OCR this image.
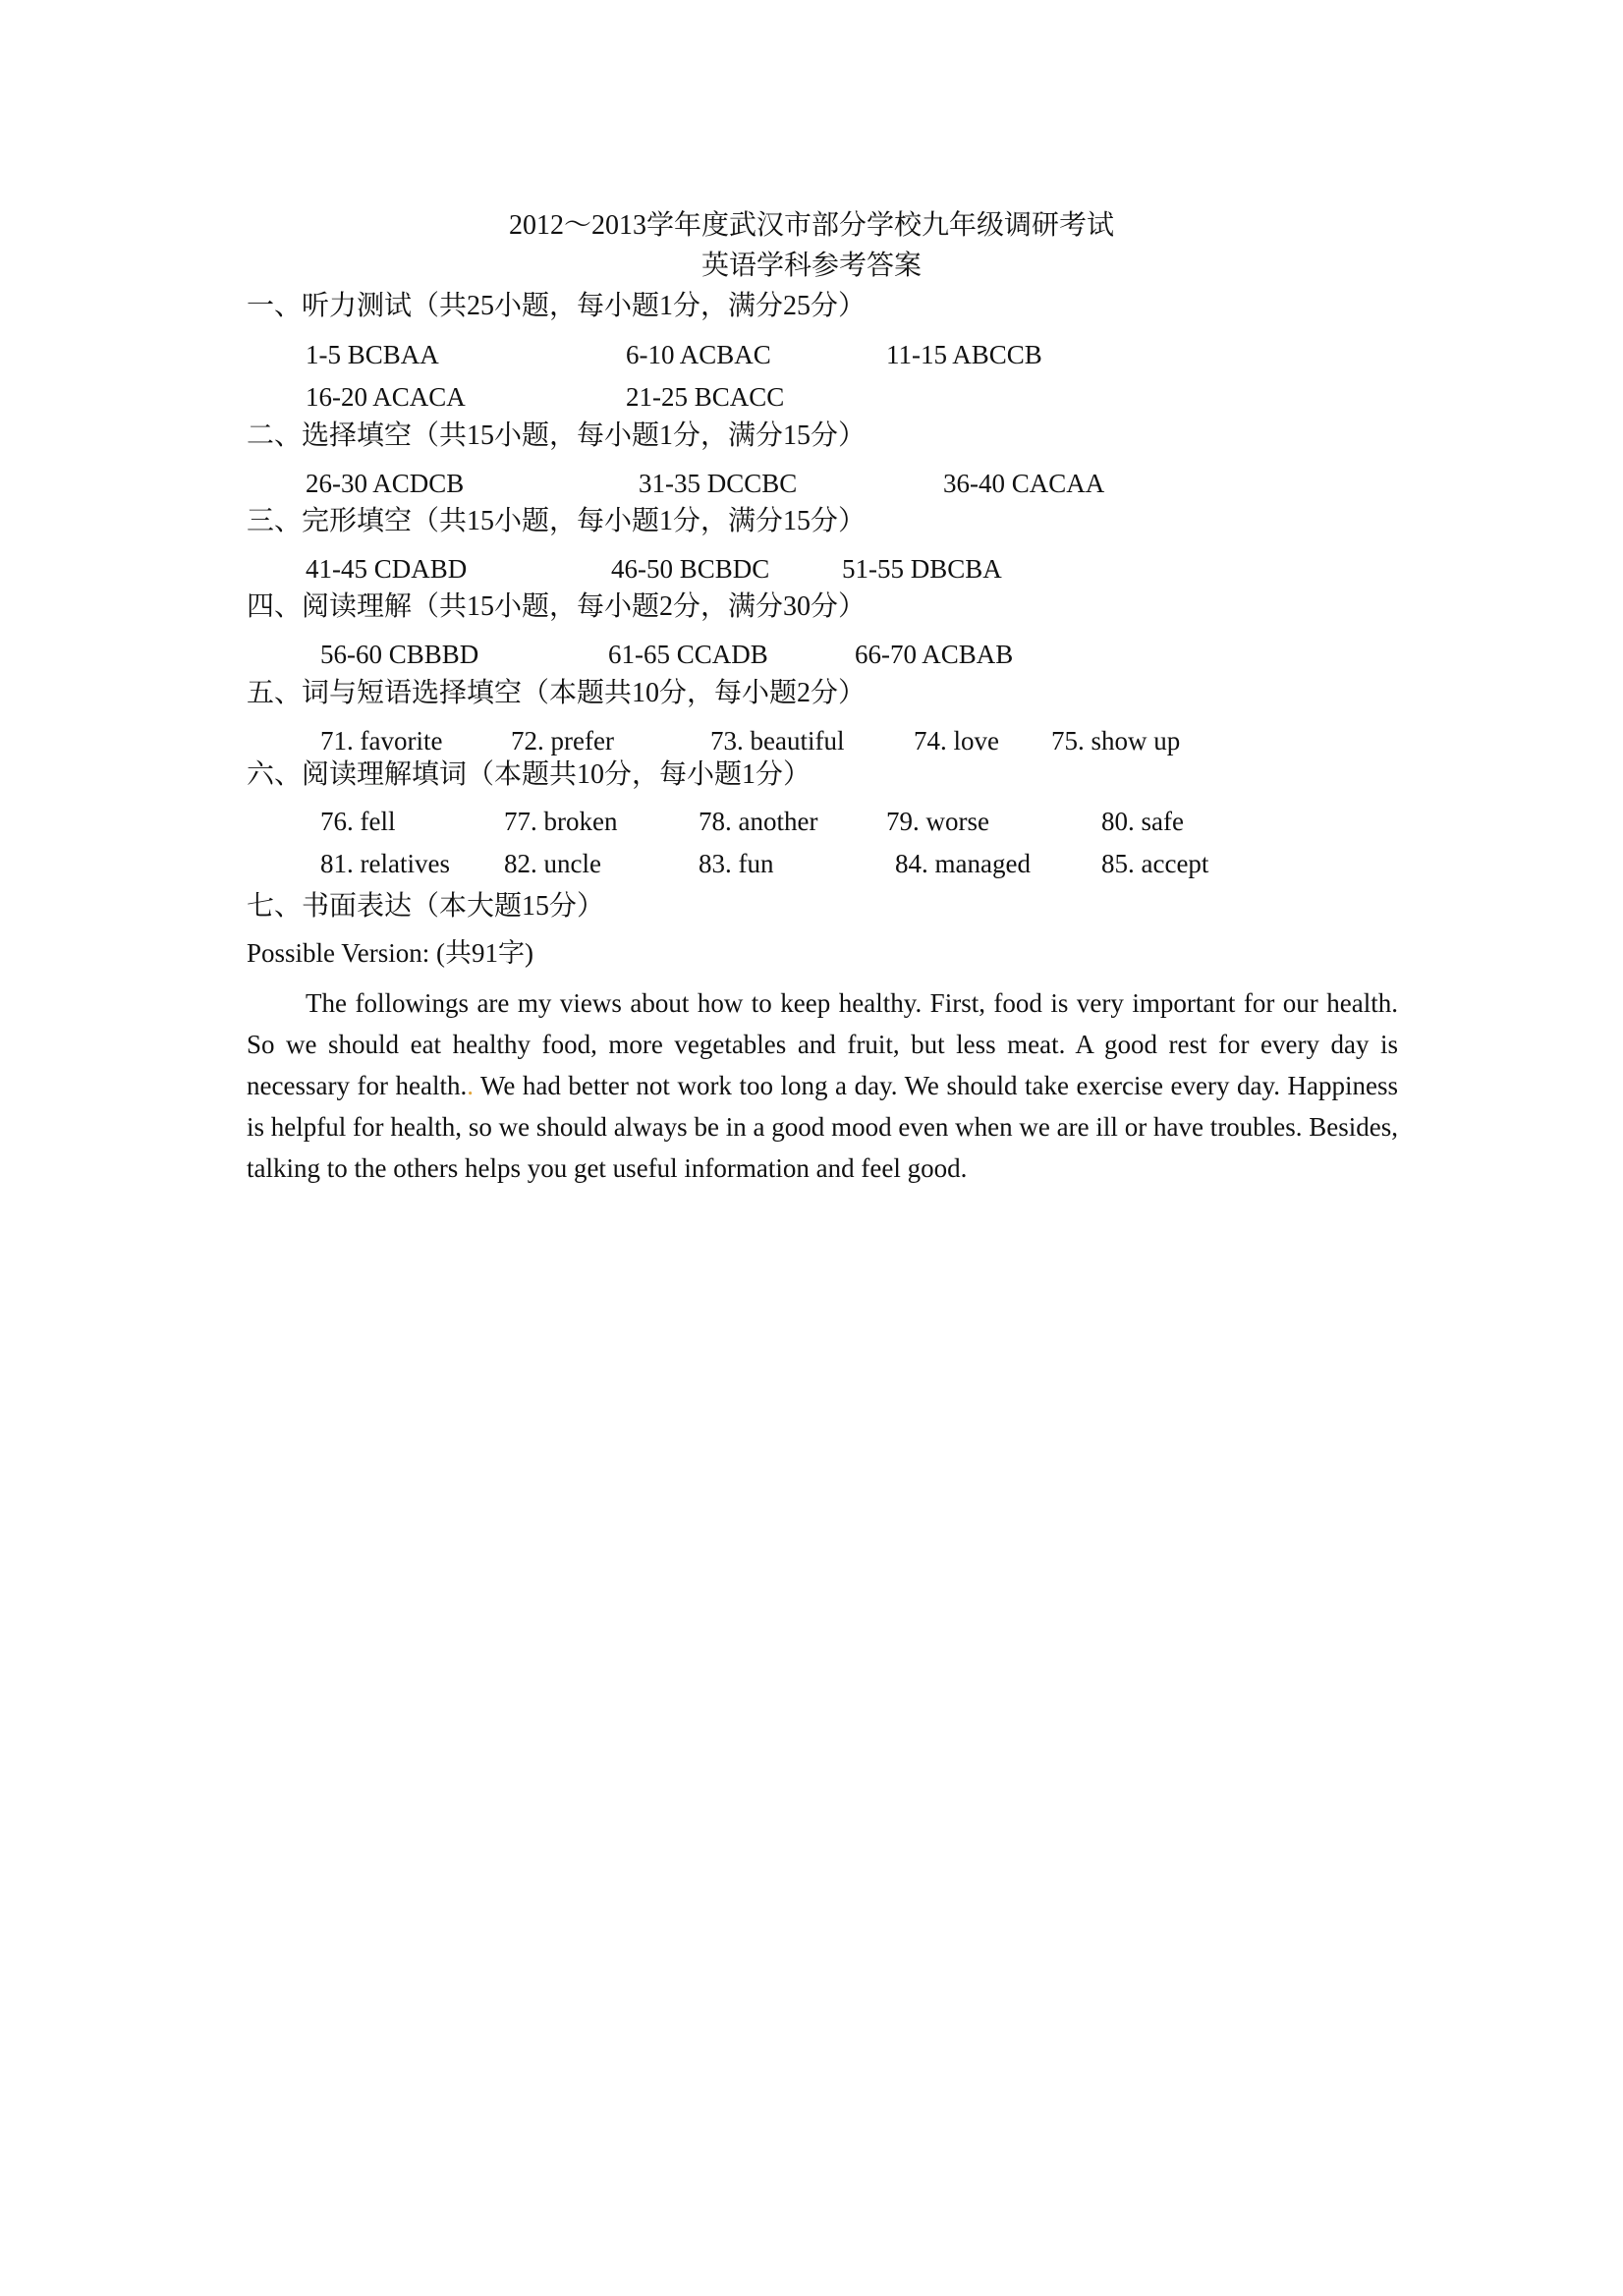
2012～2013学年度武汉市部分学校九年级调研考试
英语学科参考答案
一、听力测试（共25小题，每小题1分，满分25分）
1-5 BCBAA	6-10 ACBAC	11-15 ABCCB
16-20 ACACA	21-25 BCACC
二、选择填空（共15小题，每小题1分，满分15分）
26-30 ACDCB	31-35 DCCBC	36-40 CACAA
三、完形填空（共15小题，每小题1分，满分15分）
41-45 CDABD	46-50 BCBDC	51-55 DBCBA
四、阅读理解（共15小题，每小题2分，满分30分）
56-60 CBBBD	61-65 CCADB	66-70 ACBAB
五、词与短语选择填空（本题共10分，每小题2分）
71. favorite	72. prefer	73. beautiful	74. love 75. show up
六、阅读理解填词（本题共10分，每小题1分）
76. fell	77. broken	78. another	79. worse	80. safe
81. relatives 82. uncle	83. fun	84. managed	85. accept
七、书面表达（本大题15分）
Possible Version: (共91字)
The followings are my views about how to keep healthy. First, food is very important for our health. So we should eat healthy food, more vegetables and fruit, but less meat. A good rest for every day is necessary for health.. We had better not work too long a day. We should take exercise every day. Happiness is helpful for health, so we should always be in a good mood even when we are ill or have troubles. Besides, talking to the others helps you get useful information and feel good.
